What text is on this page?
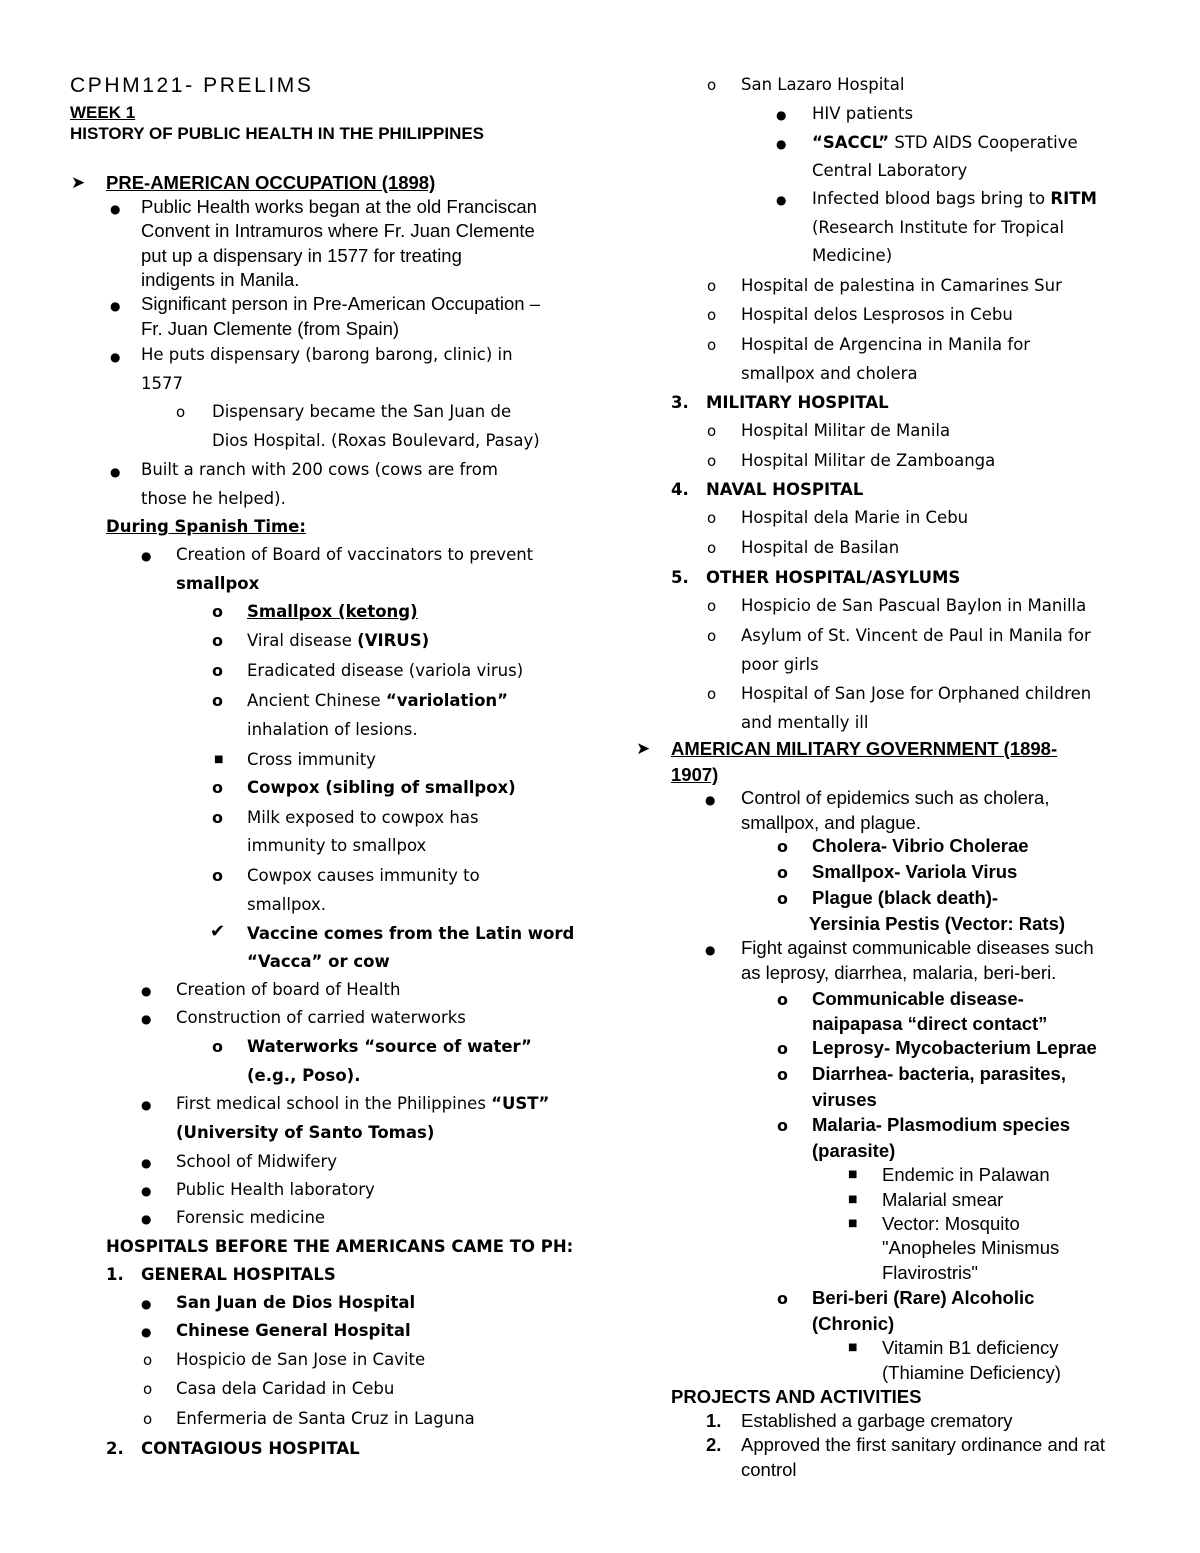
CPHM121- PRELIMS
WEEK 1
HISTORY OF PUBLIC HEALTH IN THE PHILIPPINES
➤ PRE-AMERICAN OCCUPATION (1898)
● Public Health works began at the old Franciscan
Convent in Intramuros where Fr. Juan Clemente
put up a dispensary in 1577 for treating
indigents in Manila.
● Significant person in Pre-American Occupation –
Fr. Juan Clemente (from Spain)
● He puts dispensary (barong barong, clinic) in
1577
o Dispensary became the San Juan de
Dios Hospital. (Roxas Boulevard, Pasay)
● Built a ranch with 200 cows (cows are from
those he helped).
During Spanish Time:
● Creation of Board of vaccinators to prevent
smallpox
o Smallpox (ketong)
o Viral disease (VIRUS)
o Eradicated disease (variola virus)
o Ancient Chinese “variolation”
inhalation of lesions.
■ Cross immunity
o Cowpox (sibling of smallpox)
o Milk exposed to cowpox has
immunity to smallpox
o Cowpox causes immunity to
smallpox.
✔ Vaccine comes from the Latin word
“Vacca” or cow
● Creation of board of Health
● Construction of carried waterworks
o Waterworks “source of water”
(e.g., Poso).
● First medical school in the Philippines “UST”
(University of Santo Tomas)
● School of Midwifery
● Public Health laboratory
● Forensic medicine
HOSPITALS BEFORE THE AMERICANS CAME TO PH:
1. GENERAL HOSPITALS
● San Juan de Dios Hospital
● Chinese General Hospital
o Hospicio de San Jose in Cavite
o Casa dela Caridad in Cebu
o Enfermeria de Santa Cruz in Laguna
2. CONTAGIOUS HOSPITAL
o San Lazaro Hospital
● HIV patients
● “SACCL” STD AIDS Cooperative
Central Laboratory
● Infected blood bags bring to RITM
(Research Institute for Tropical
Medicine)
o Hospital de palestina in Camarines Sur
o Hospital delos Lesprosos in Cebu
o Hospital de Argencina in Manila for
smallpox and cholera
3. MILITARY HOSPITAL
o Hospital Militar de Manila
o Hospital Militar de Zamboanga
4. NAVAL HOSPITAL
o Hospital dela Marie in Cebu
o Hospital de Basilan
5. OTHER HOSPITAL/ASYLUMS
o Hospicio de San Pascual Baylon in Manilla
o Asylum of St. Vincent de Paul in Manila for
poor girls
o Hospital of San Jose for Orphaned children
and mentally ill
➤ AMERICAN MILITARY GOVERNMENT (1898-
1907)
● Control of epidemics such as cholera,
smallpox, and plague.
o Cholera- Vibrio Cholerae
o Smallpox- Variola Virus
o Plague (black death)-
Yersinia Pestis (Vector: Rats)
● Fight against communicable diseases such
as leprosy, diarrhea, malaria, beri-beri.
o Communicable disease-
naipapasa “direct contact”
o Leprosy- Mycobacterium Leprae
o Diarrhea- bacteria, parasites,
viruses
o Malaria- Plasmodium species
(parasite)
■ Endemic in Palawan
■ Malarial smear
■ Vector: Mosquito
"Anopheles Minismus
Flavirostris"
o Beri-beri (Rare) Alcoholic
(Chronic)
■ Vitamin B1 deficiency
(Thiamine Deficiency)
PROJECTS AND ACTIVITIES
1. Established a garbage crematory
2. Approved the first sanitary ordinance and rat
control
